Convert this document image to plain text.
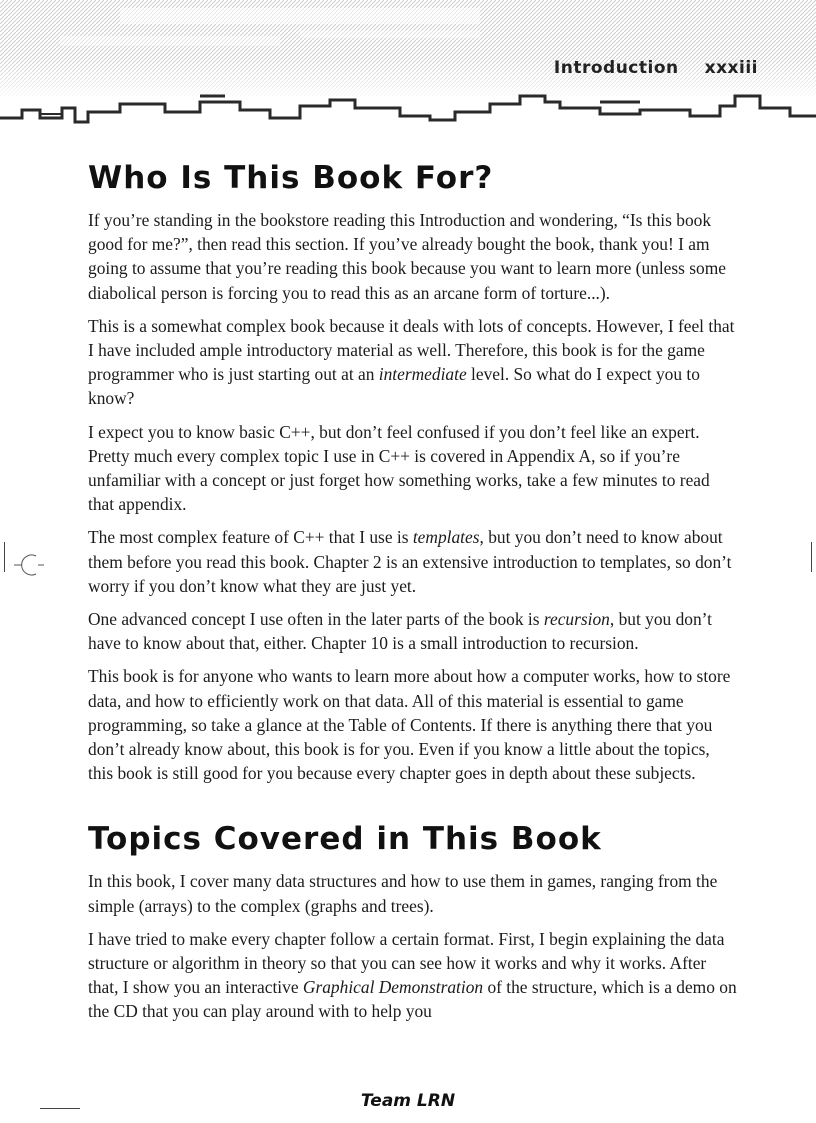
Introduction xxxiii
Who Is This Book For?

If you’re standing in the bookstore reading this Introduction and wondering, “Is this book good for me?”, then read this section. If you’ve already bought the book, thank you! I am going to assume that you’re reading this book because you want to learn more (unless some diabolical person is forcing you to read this as an arcane form of torture...).

This is a somewhat complex book because it deals with lots of concepts. However, I feel that I have included ample introductory material as well. Therefore, this book is for the game programmer who is just starting out at an intermediate level. So what do I expect you to know?

I expect you to know basic C++, but don’t feel confused if you don’t feel like an expert. Pretty much every complex topic I use in C++ is covered in Appendix A, so if you’re unfamiliar with a concept or just forget how something works, take a few minutes to read that appendix.

The most complex feature of C++ that I use is templates, but you don’t need to know about them before you read this book. Chapter 2 is an extensive introduction to templates, so don’t worry if you don’t know what they are just yet.

One advanced concept I use often in the later parts of the book is recursion, but you don’t have to know about that, either. Chapter 10 is a small introduction to recursion.

This book is for anyone who wants to learn more about how a computer works, how to store data, and how to efficiently work on that data. All of this material is essential to game programming, so take a glance at the Table of Contents. If there is anything there that you don’t already know about, this book is for you. Even if you know a little about the topics, this book is still good for you because every chapter goes in depth about these subjects.

Topics Covered in This Book

In this book, I cover many data structures and how to use them in games, ranging from the simple (arrays) to the complex (graphs and trees).

I have tried to make every chapter follow a certain format. First, I begin explaining the data structure or algorithm in theory so that you can see how it works and why it works. After that, I show you an interactive Graphical Demonstration of the structure, which is a demo on the CD that you can play around with to help you

Team LRN
